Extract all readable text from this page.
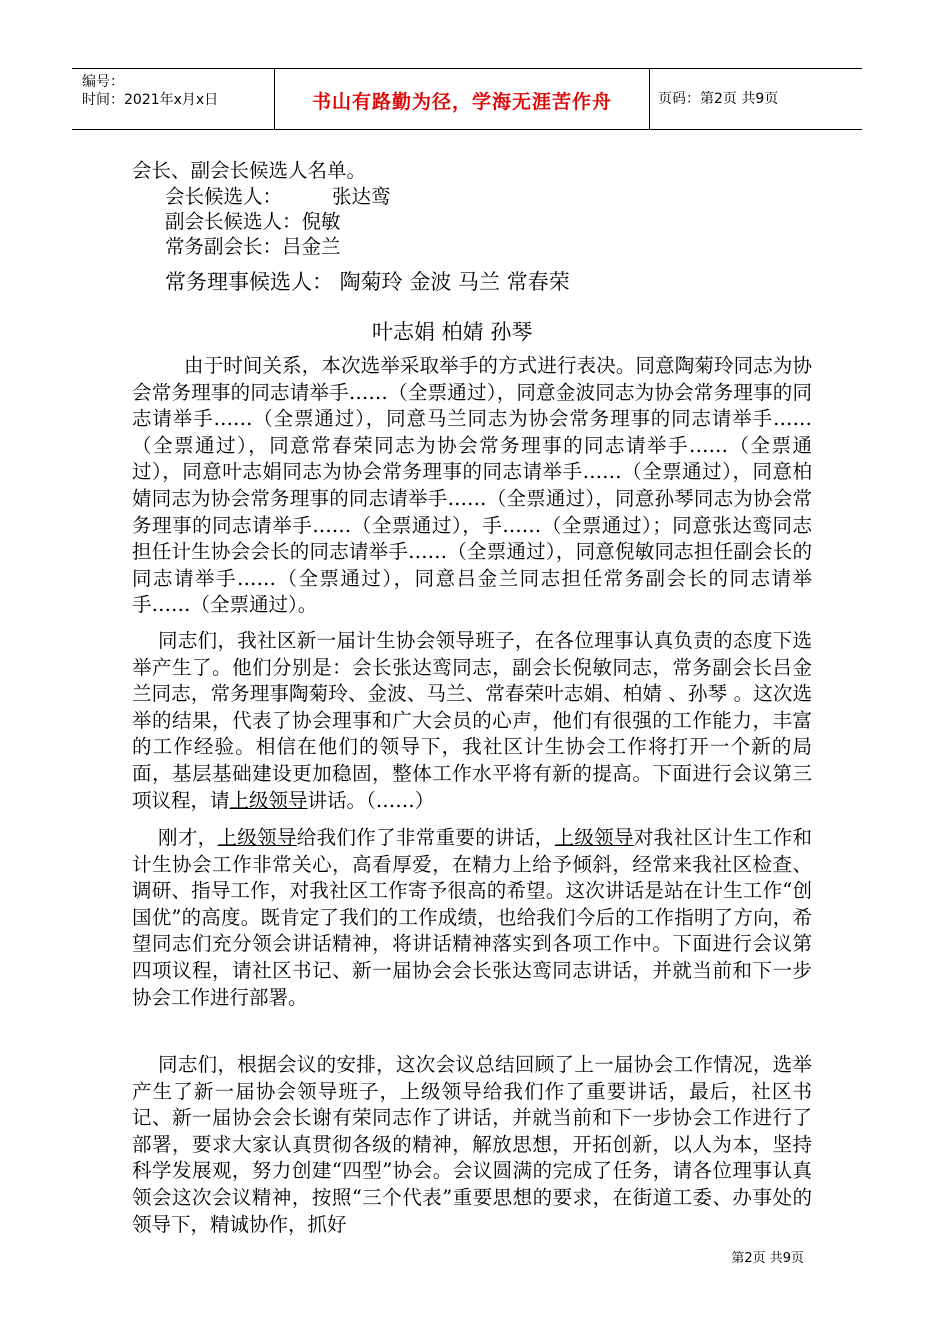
编号：
时间：2021年x月x日	书山有路勤为径，学海无涯苦作舟	页码：第2页 共9页
会长、副会长候选人名单。
会长候选人：	张达鸾
副会长候选人：倪敏
常务副会长：吕金兰
常务理事候选人： 陶菊玲 金波 马兰 常春荣
叶志娟 柏婧 孙琴

由于时间关系，本次选举采取举手的方式进行表决。同意陶菊玲同志为协会常务理事的同志请举手……（全票通过），同意金波同志为协会常务理事的同志请举手……（全票通过），同意马兰同志为协会常务理事的同志请举手……（全票通过），同意常春荣同志为协会常务理事的同志请举手……（全票通过），同意叶志娟同志为协会常务理事的同志请举手……（全票通过），同意柏婧同志为协会常务理事的同志请举手……（全票通过），同意孙琴同志为协会常务理事的同志请举手……（全票通过），手……（全票通过）；同意张达鸾同志担任计生协会会长的同志请举手……（全票通过），同意倪敏同志担任副会长的同志请举手……（全票通过），同意吕金兰同志担任常务副会长的同志请举手……（全票通过）。

同志们，我社区新一届计生协会领导班子，在各位理事认真负责的态度下选举产生了。他们分别是：会长张达鸾同志，副会长倪敏同志，常务副会长吕金兰同志，常务理事陶菊玲、金波、马兰、常春荣叶志娟、柏婧 、孙琴 。这次选举的结果，代表了协会理事和广大会员的心声，他们有很强的工作能力，丰富的工作经验。相信在他们的领导下，我社区计生协会工作将打开一个新的局面，基层基础建设更加稳固，整体工作水平将有新的提高。下面进行会议第三项议程，请上级领导讲话。（……）

刚才，上级领导给我们作了非常重要的讲话，上级领导对我社区计生工作和计生协会工作非常关心，高看厚爱，在精力上给予倾斜，经常来我社区检查、调研、指导工作，对我社区工作寄予很高的希望。这次讲话是站在计生工作“创国优”的高度。既肯定了我们的工作成绩，也给我们今后的工作指明了方向，希望同志们充分领会讲话精神，将讲话精神落实到各项工作中。下面进行会议第四项议程，请社区书记、新一届协会会长张达鸾同志讲话，并就当前和下一步协会工作进行部署。

同志们，根据会议的安排，这次会议总结回顾了上一届协会工作情况，选举产生了新一届协会领导班子，上级领导给我们作了重要讲话，最后，社区书记、新一届协会会长谢有荣同志作了讲话，并就当前和下一步协会工作进行了部署，要求大家认真贯彻各级的精神，解放思想，开拓创新，以人为本，坚持科学发展观，努力创建“四型”协会。会议圆满的完成了任务，请各位理事认真领会这次会议精神，按照“三个代表”重要思想的要求，在街道工委、办事处的领导下，精诚协作，抓好

第2页 共9页
